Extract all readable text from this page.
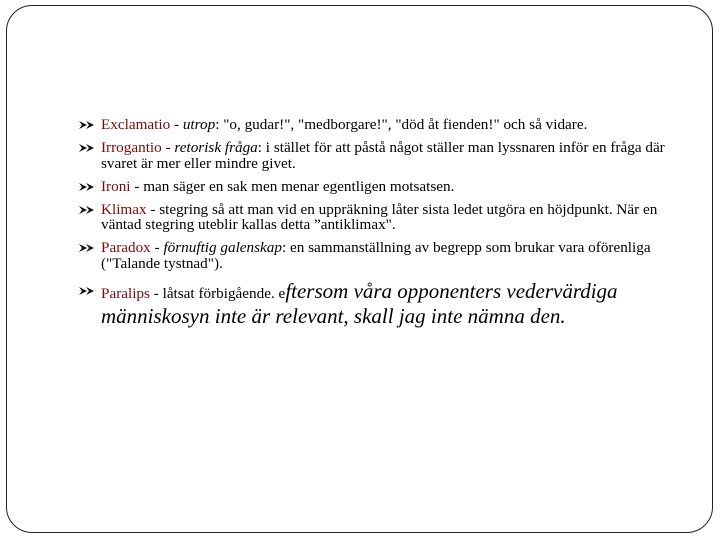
Exclamatio - utrop: "o, gudar!", "medborgare!", "död åt fienden!" och så vidare.
Irrogantio - retorisk fråga: i stället för att påstå något ställer man lyssnaren inför en fråga där svaret är mer eller mindre givet.
Ironi - man säger en sak men menar egentligen motsatsen.
Klimax - stegring så att man vid en uppräkning låter sista ledet utgöra en höjdpunkt. När en väntad stegring uteblir kallas detta ”antiklimax".
Paradox - förnuftig galenskap: en sammanställning av begrepp som brukar vara oförenliga ("Talande tystnad").
Paralips - låtsat förbigående. eftersom våra opponenters vedervärdiga människosyn inte är relevant, skall jag inte nämna den.
